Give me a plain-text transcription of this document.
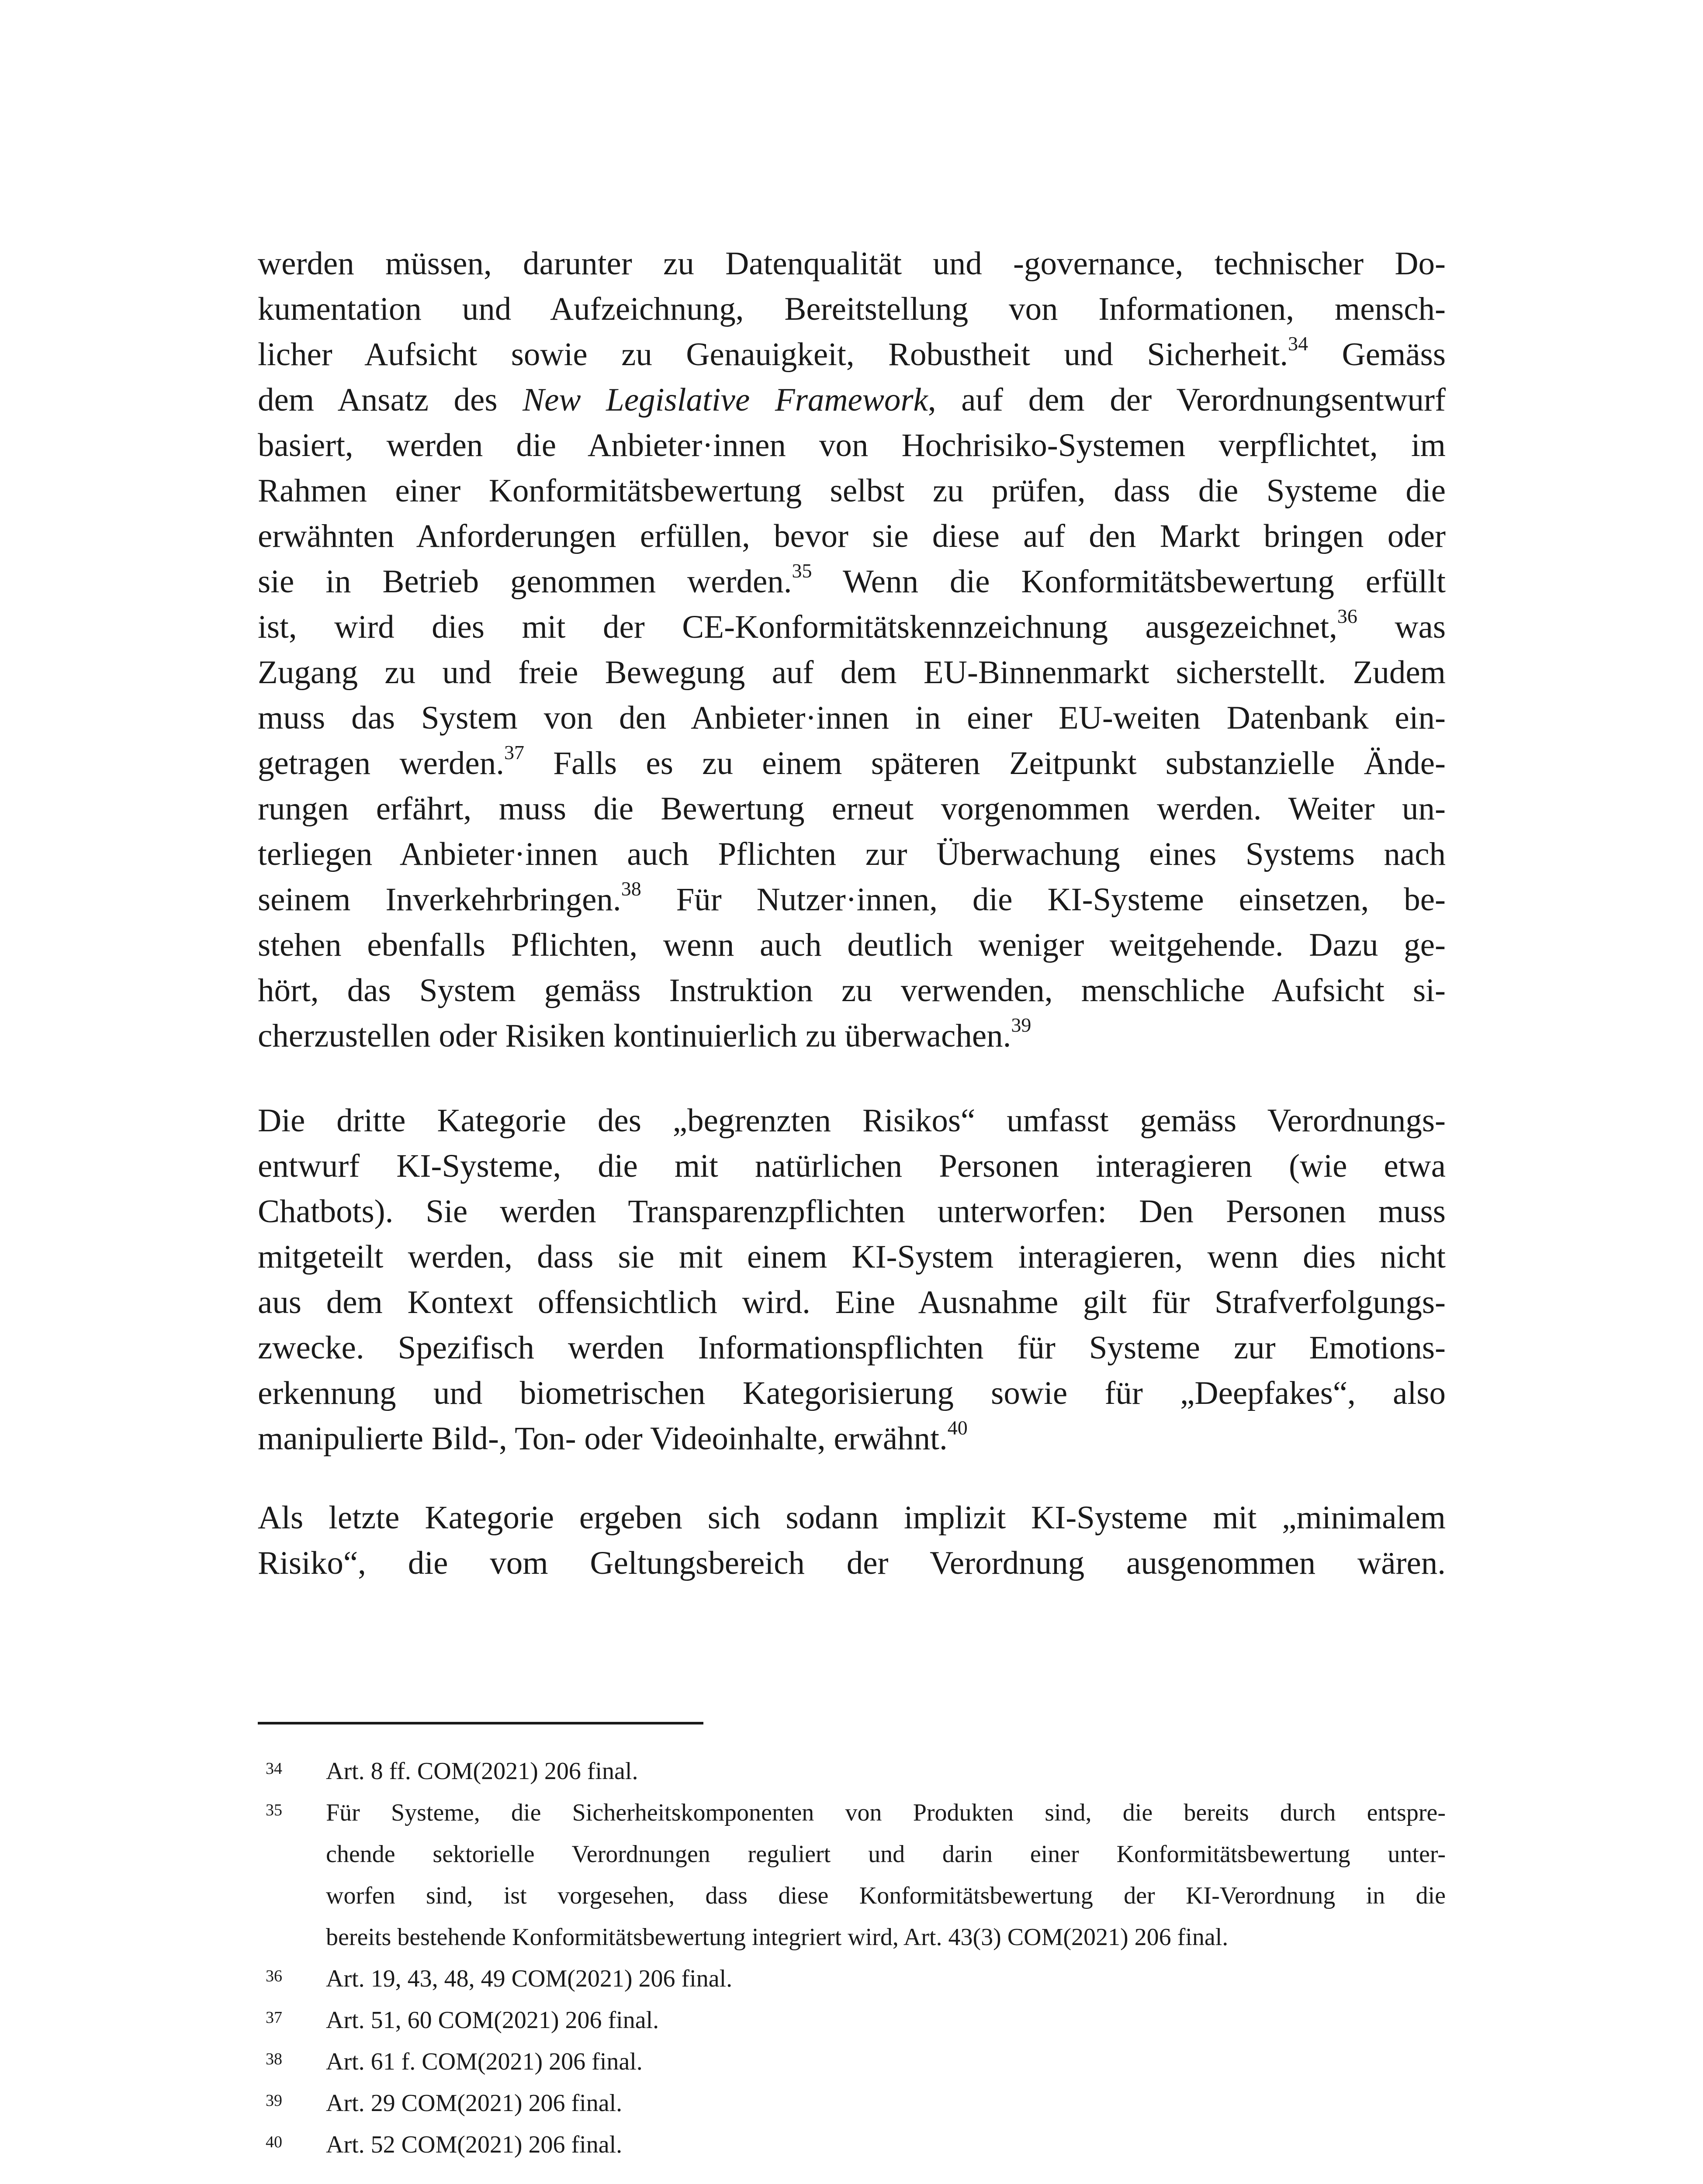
werden müssen, darunter zu Datenqualität und -governance, technischer Do-
kumentation und Aufzeichnung, Bereitstellung von Informationen, mensch-
licher Aufsicht sowie zu Genauigkeit, Robustheit und Sicherheit.$^{34}$ Gemäss
dem Ansatz des New Legislative Framework, auf dem der Verordnungsentwurf
basiert, werden die Anbieter·innen von Hochrisiko-Systemen verpflichtet, im
Rahmen einer Konformitätsbewertung selbst zu prüfen, dass die Systeme die
erwähnten Anforderungen erfüllen, bevor sie diese auf den Markt bringen oder
sie in Betrieb genommen werden.$^{35}$ Wenn die Konformitätsbewertung erfüllt
ist, wird dies mit der CE-Konformitätskennzeichnung ausgezeichnet,$^{36}$ was
Zugang zu und freie Bewegung auf dem EU-Binnenmarkt sicherstellt. Zudem
muss das System von den Anbieter·innen in einer EU-weiten Datenbank ein-
getragen werden.$^{37}$ Falls es zu einem späteren Zeitpunkt substanzielle Ände-
rungen erfährt, muss die Bewertung erneut vorgenommen werden. Weiter un-
terliegen Anbieter·innen auch Pflichten zur Überwachung eines Systems nach
seinem Inverkehrbringen.$^{38}$ Für Nutzer·innen, die KI-Systeme einsetzen, be-
stehen ebenfalls Pflichten, wenn auch deutlich weniger weitgehende. Dazu ge-
hört, das System gemäss Instruktion zu verwenden, menschliche Aufsicht si-
cherzustellen oder Risiken kontinuierlich zu überwachen.$^{39}$
Die dritte Kategorie des „begrenzten Risikos“ umfasst gemäss Verordnungs-
entwurf KI-Systeme, die mit natürlichen Personen interagieren (wie etwa
Chatbots). Sie werden Transparenzpflichten unterworfen: Den Personen muss
mitgeteilt werden, dass sie mit einem KI-System interagieren, wenn dies nicht
aus dem Kontext offensichtlich wird. Eine Ausnahme gilt für Strafverfolgungs-
zwecke. Spezifisch werden Informationspflichten für Systeme zur Emotions-
erkennung und biometrischen Kategorisierung sowie für „Deepfakes“, also
manipulierte Bild-, Ton- oder Videoinhalte, erwähnt.$^{40}$
Als letzte Kategorie ergeben sich sodann implizit KI-Systeme mit „minimalem
Risiko“, die vom Geltungsbereich der Verordnung ausgenommen wären.
34 Art. 8 ff. COM(2021) 206 final.
35 Für Systeme, die Sicherheitskomponenten von Produkten sind, die bereits durch entspre-
chende sektorielle Verordnungen reguliert und darin einer Konformitätsbewertung unter-
worfen sind, ist vorgesehen, dass diese Konformitätsbewertung der KI-Verordnung in die
bereits bestehende Konformitätsbewertung integriert wird, Art. 43(3) COM(2021) 206 final.
36 Art. 19, 43, 48, 49 COM(2021) 206 final.
37 Art. 51, 60 COM(2021) 206 final.
38 Art. 61 f. COM(2021) 206 final.
39 Art. 29 COM(2021) 206 final.
40 Art. 52 COM(2021) 206 final.
